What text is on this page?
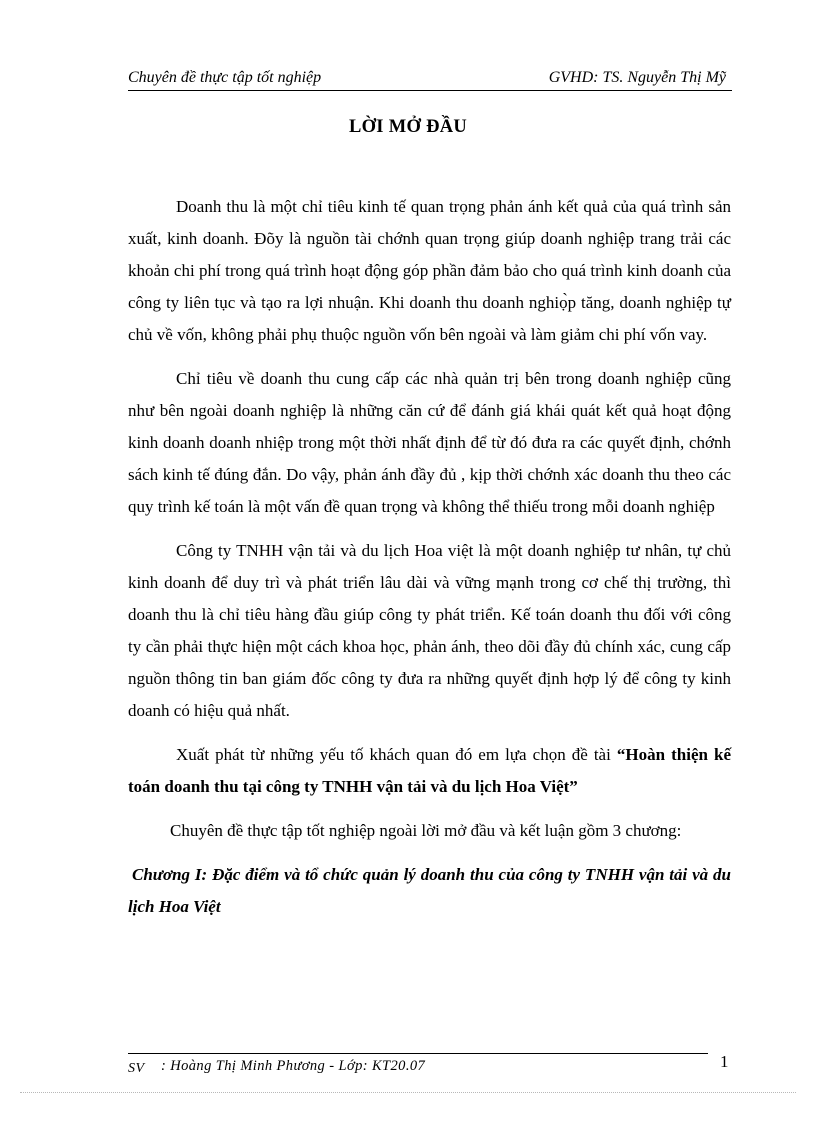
Chuyên đề thực tập tốt nghiệp	GVHD: TS. Nguyễn Thị Mỹ
LỜI MỞ ĐẦU

Doanh thu là một chỉ tiêu kinh tế quan trọng phản ánh kết quả của quá trình sản xuất, kinh doanh. Đõy là nguồn tài chớnh quan trọng giúp doanh nghiệp trang trải các khoản chi phí trong quá trình hoạt động góp phần đảm bảo cho quá trình kinh doanh của công ty liên tục và tạo ra lợi nhuận. Khi doanh thu doanh nghiọ̀p tăng, doanh nghiệp tự chủ về vốn, không phải phụ thuộc nguồn vốn bên ngoài và làm giảm chi phí vốn vay.

Chỉ tiêu về doanh thu cung cấp các nhà quản trị bên trong doanh nghiệp cũng như bên ngoài doanh nghiệp là những căn cứ để đánh giá khái quát kết quả hoạt động kinh doanh doanh nhiệp trong một thời nhất định để từ đó đưa ra các quyết định, chớnh sách kinh tế đúng đắn. Do vậy, phản ánh đầy đủ , kịp thời chớnh xác doanh thu theo các quy trình kế toán là một vấn đề quan trọng và không thể thiếu trong mỗi doanh nghiệp

Công ty TNHH vận tải và du lịch Hoa việt là một doanh nghiệp tư nhân, tự chủ kinh doanh để duy trì và phát triển lâu dài và vững mạnh trong cơ chế thị trường, thì doanh thu là chỉ tiêu hàng đầu giúp công ty phát triển. Kế toán doanh thu đối với công ty cần phải thực hiện một cách khoa học, phản ánh, theo dõi đầy đủ chính xác, cung cấp nguồn thông tin ban giám đốc công ty đưa ra những quyết định hợp lý để công ty kinh doanh có hiệu quả nhất.

Xuất phát từ những yếu tố khách quan đó em lựa chọn đề tài “Hoàn thiện kế toán doanh thu tại công ty TNHH vận tải và du lịch Hoa Việt”

Chuyên đề thực tập tốt nghiệp ngoài lời mở đầu và kết luận gồm 3 chương:

Chương I: Đặc điểm và tổ chức quản lý doanh thu của công ty TNHH vận tải và du lịch Hoa Việt

SV : Hoàng Thị Minh Phương - Lớp: KT20.07	1
